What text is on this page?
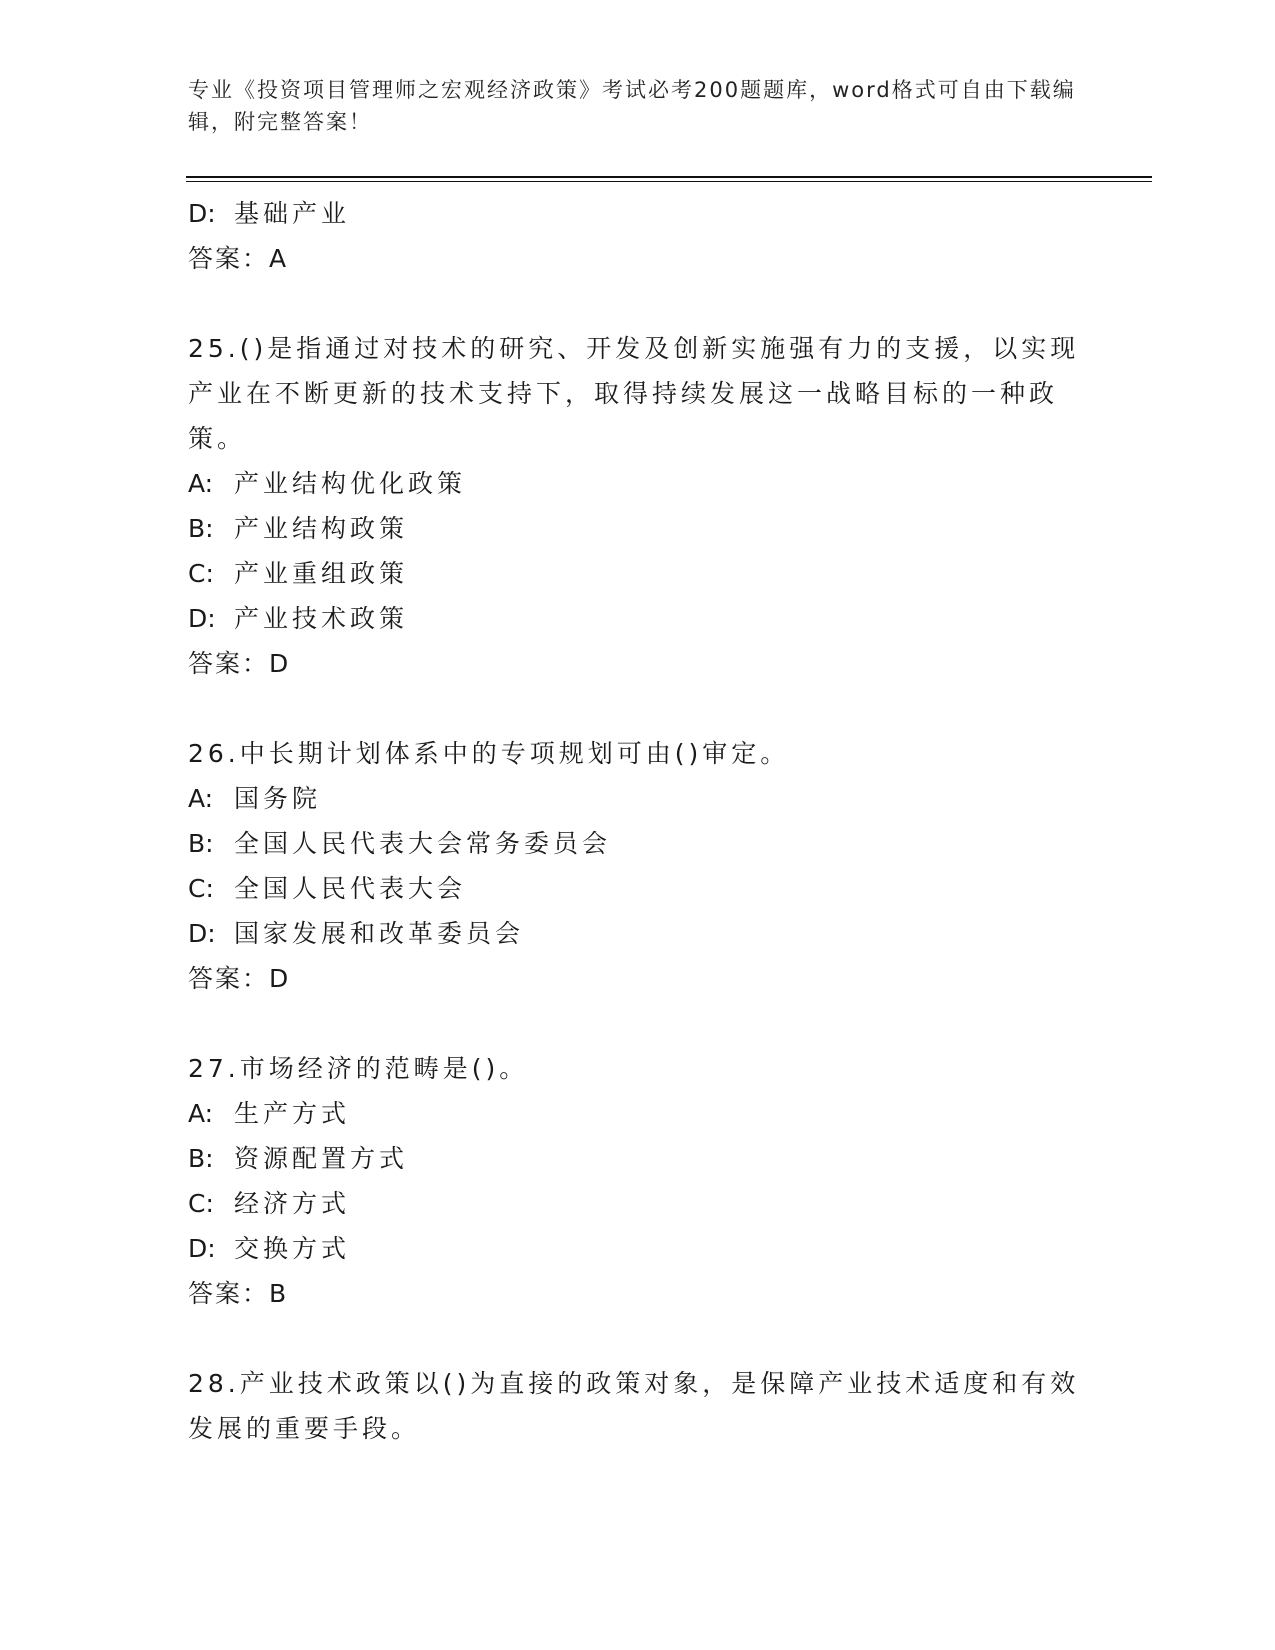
专业《投资项目管理师之宏观经济政策》考试必考200题题库，word格式可自由下载编辑，附完整答案！
D: 基础产业
答案：A
25.()是指通过对技术的研究、开发及创新实施强有力的支援，以实现
产业在不断更新的技术支持下，取得持续发展这一战略目标的一种政
策。
A: 产业结构优化政策
B: 产业结构政策
C: 产业重组政策
D: 产业技术政策
答案：D
26.中长期计划体系中的专项规划可由()审定。
A: 国务院
B: 全国人民代表大会常务委员会
C: 全国人民代表大会
D: 国家发展和改革委员会
答案：D
27.市场经济的范畴是()。
A: 生产方式
B: 资源配置方式
C: 经济方式
D: 交换方式
答案：B
28.产业技术政策以()为直接的政策对象，是保障产业技术适度和有效
发展的重要手段。
